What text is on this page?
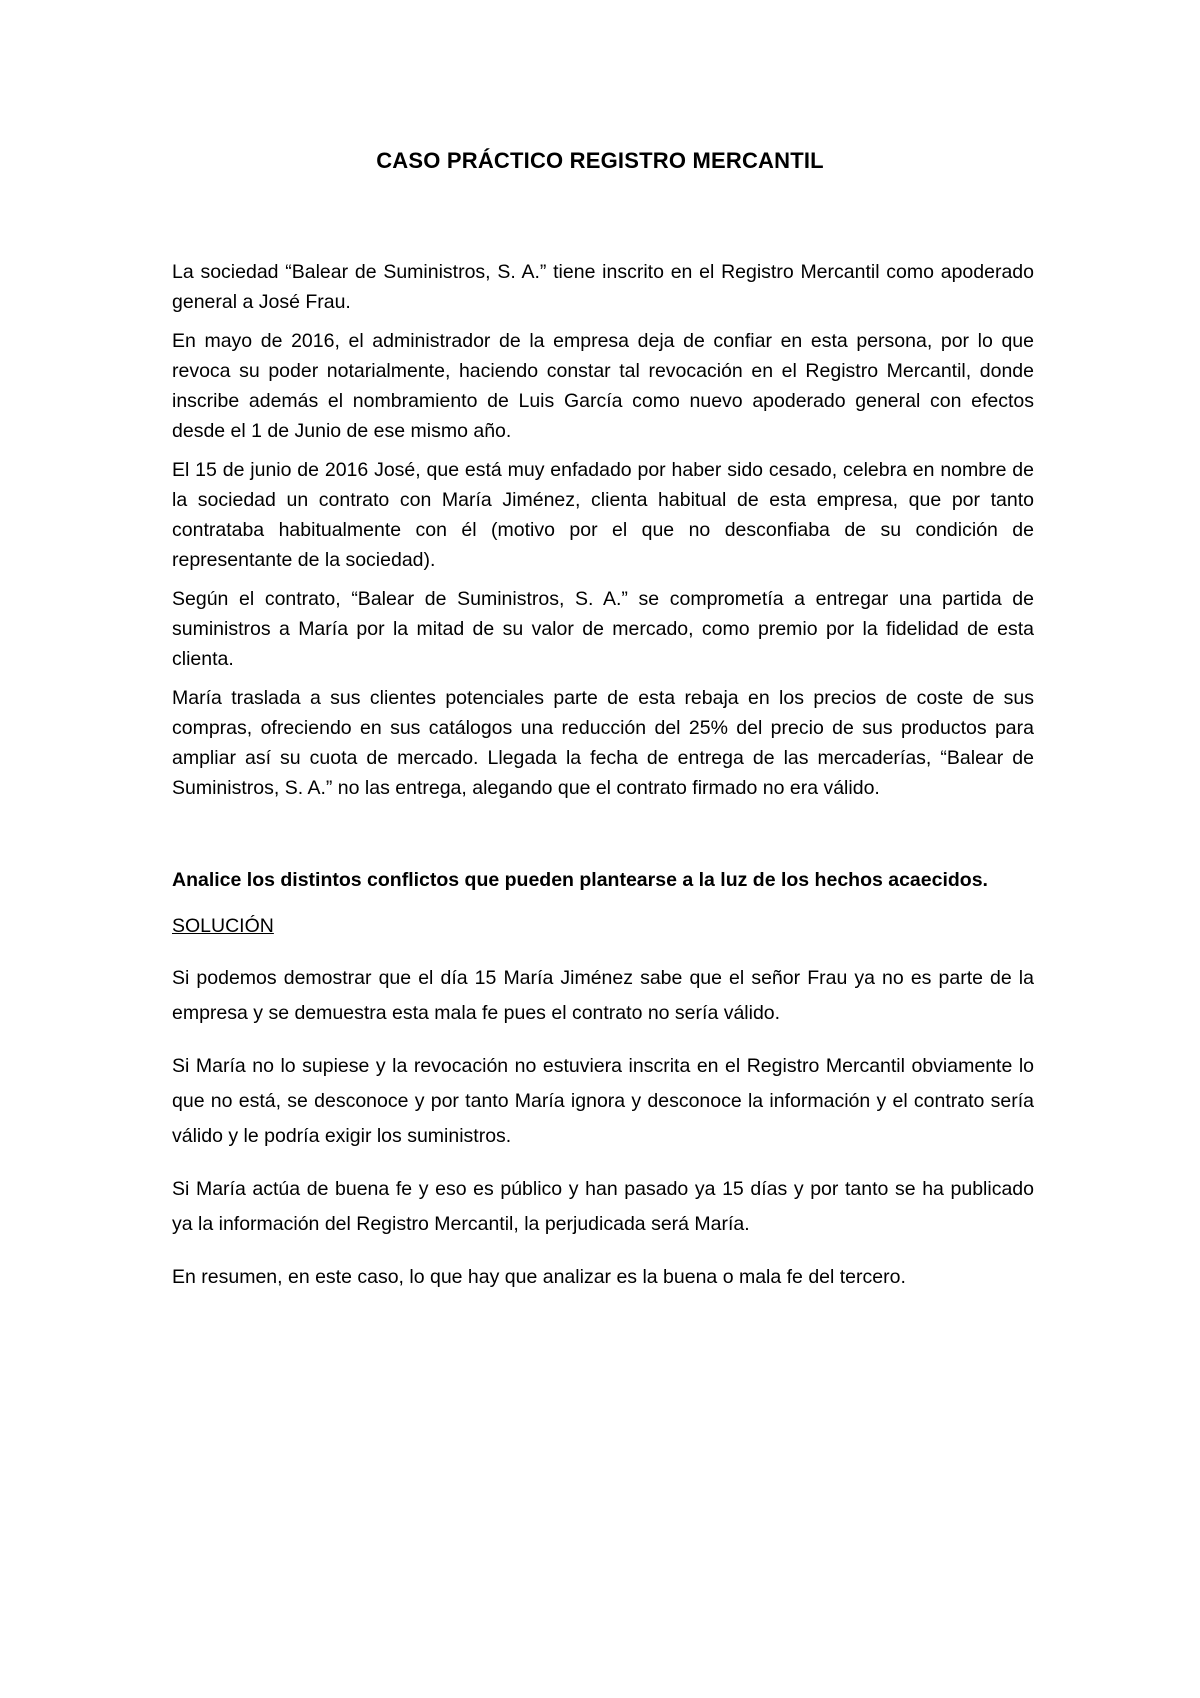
CASO PRÁCTICO REGISTRO MERCANTIL

La sociedad “Balear de Suministros, S. A.” tiene inscrito en el Registro Mercantil como apoderado general a José Frau.

En mayo de 2016, el administrador de la empresa deja de confiar en esta persona, por lo que revoca su poder notarialmente, haciendo constar tal revocación en el Registro Mercantil, donde inscribe además el nombramiento de Luis García como nuevo apoderado general con efectos desde el 1 de Junio de ese mismo año.

El 15 de junio de 2016 José, que está muy enfadado por haber sido cesado, celebra en nombre de la sociedad un contrato con María Jiménez, clienta habitual de esta empresa, que por tanto contrataba habitualmente con él (motivo por el que no desconfiaba de su condición de representante de la sociedad).

Según el contrato, “Balear de Suministros, S. A.” se comprometía a entregar una partida de suministros a María por la mitad de su valor de mercado, como premio por la fidelidad de esta clienta.

María traslada a sus clientes potenciales parte de esta rebaja en los precios de coste de sus compras, ofreciendo en sus catálogos una reducción del 25% del precio de sus productos para ampliar así su cuota de mercado. Llegada la fecha de entrega de las mercaderías, “Balear de Suministros, S. A.” no las entrega, alegando que el contrato firmado no era válido.

Analice los distintos conflictos que pueden plantearse a la luz de los hechos acaecidos.

SOLUCIÓN

Si podemos demostrar que el día 15 María Jiménez sabe que el señor Frau ya no es parte de la empresa y se demuestra esta mala fe pues el contrato no sería válido.

Si María no lo supiese y la revocación no estuviera inscrita en el Registro Mercantil obviamente lo que no está, se desconoce y por tanto María ignora y desconoce la información y el contrato sería válido y le podría exigir los suministros.

Si María actúa de buena fe y eso es público y han pasado ya 15 días y por tanto se ha publicado ya la información del Registro Mercantil, la perjudicada será María.

En resumen, en este caso, lo que hay que analizar es la buena o mala fe del tercero.
